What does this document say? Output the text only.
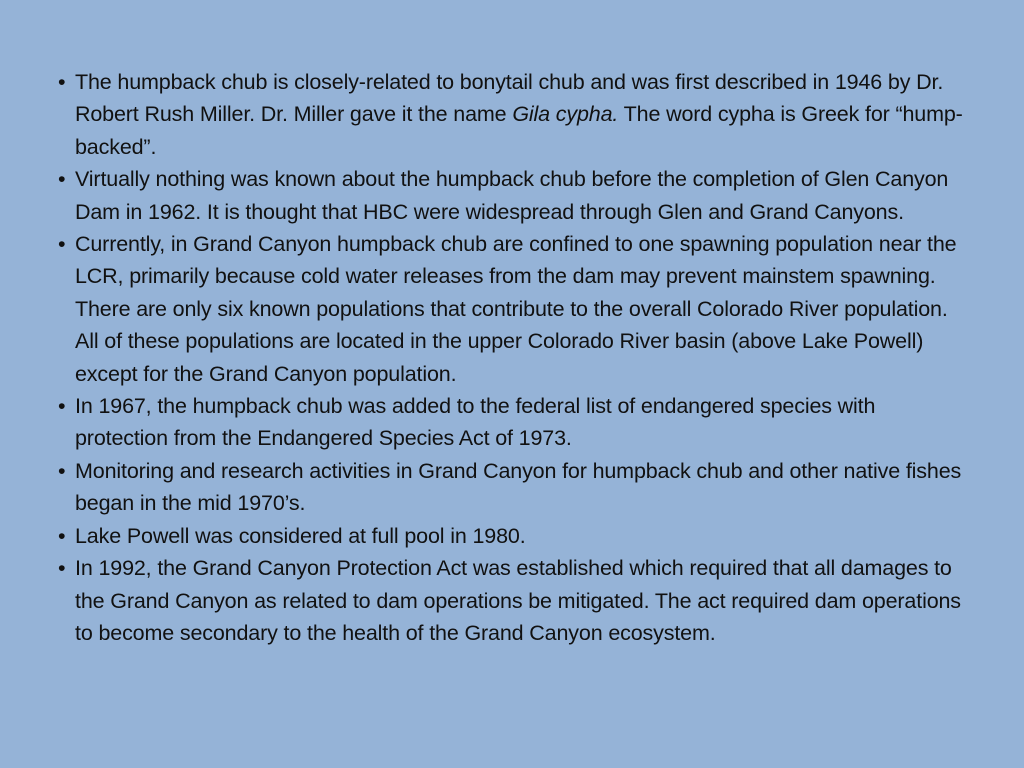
• The humpback chub is closely-related to bonytail chub and was first described in 1946 by Dr. Robert Rush Miller. Dr. Miller gave it the name Gila cypha. The word cypha is Greek for “hump-backed”.
• Virtually nothing was known about the humpback chub before the completion of Glen Canyon Dam in 1962. It is thought that HBC were widespread through Glen and Grand Canyons.
• Currently, in Grand Canyon humpback chub are confined to one spawning population near the LCR, primarily because cold water releases from the dam may prevent mainstem spawning. There are only six known populations that contribute to the overall Colorado River population. All of these populations are located in the upper Colorado River basin (above Lake Powell) except for the Grand Canyon population.
• In 1967, the humpback chub was added to the federal list of endangered species with protection from the Endangered Species Act of 1973.
• Monitoring and research activities in Grand Canyon for humpback chub and other native fishes began in the mid 1970’s.
• Lake Powell was considered at full pool in 1980.
• In 1992, the Grand Canyon Protection Act was established which required that all damages to the Grand Canyon as related to dam operations be mitigated. The act required dam operations to become secondary to the health of the Grand Canyon ecosystem.
